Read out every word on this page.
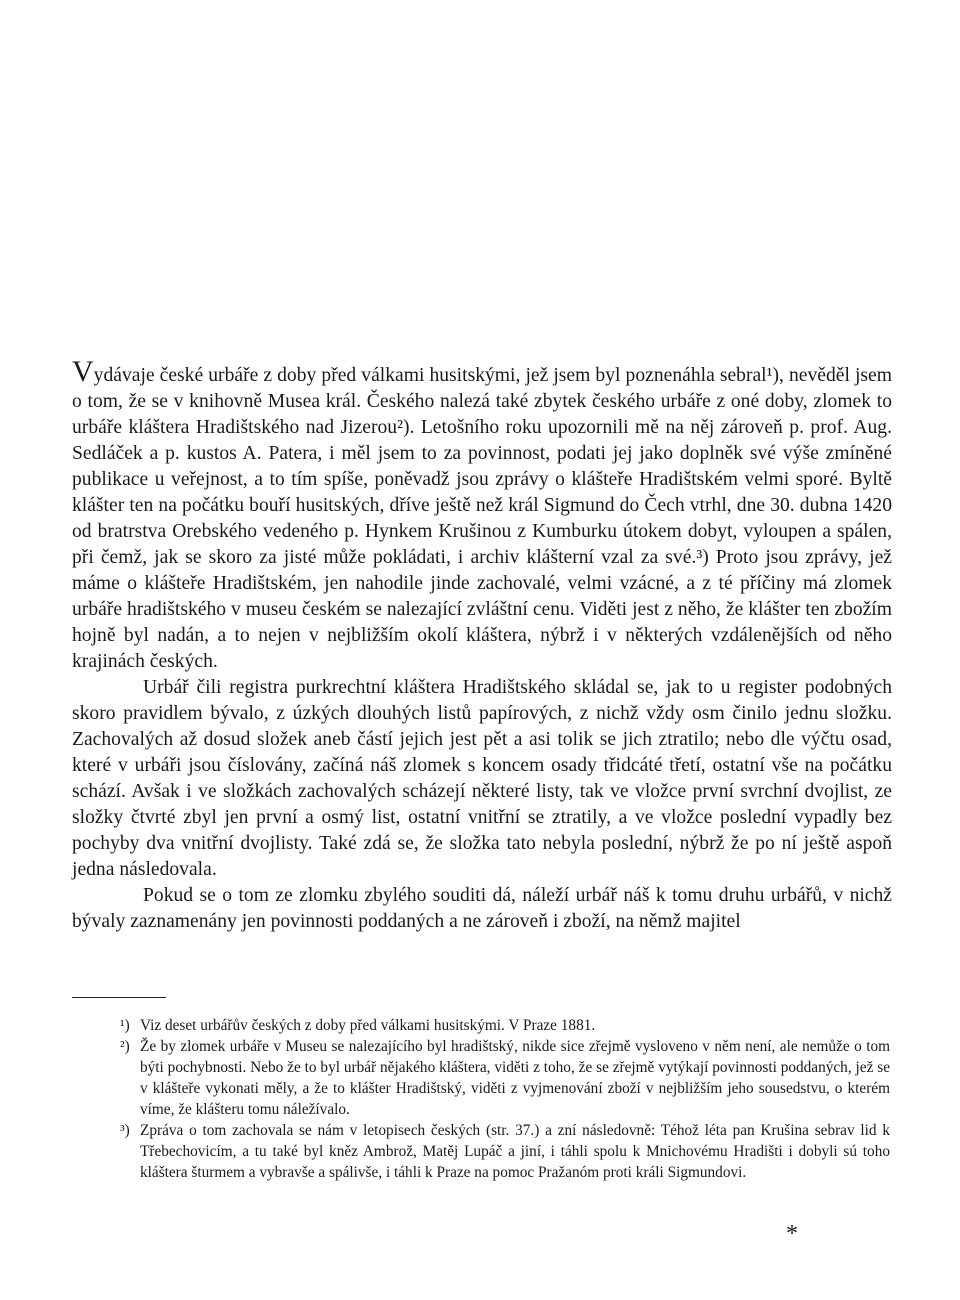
Vydávaje české urbáře z doby před válkami husitskými, jež jsem byl poznenáhla sebral¹), nevěděl jsem o tom, že se v knihovně Musea král. Českého nalezá také zbytek českého urbáře z oné doby, zlomek to urbáře kláštera Hradištského nad Jizerou²). Letošního roku upozornili mě na něj zároveň p. prof. Aug. Sedláček a p. kustos A. Patera, i měl jsem to za povinnost, podati jej jako doplněk své výše zmíněné publikace u veřejnost, a to tím spíše, poněvadž jsou zprávy o klášteře Hradištském velmi sporé. Byltě klášter ten na počátku bouří husitských, dříve ještě než král Sigmund do Čech vtrhl, dne 30. dubna 1420 od bratrstva Orebského vedeného p. Hynkem Krušinou z Kumburku útokem dobyt, vyloupen a spálen, při čemž, jak se skoro za jisté může pokládati, i archiv klášterní vzal za své.³) Proto jsou zprávy, jež máme o klášteře Hradištském, jen nahodile jinde zachovalé, velmi vzácné, a z té příčiny má zlomek urbáře hradištského v museu českém se nalezající zvláštní cenu. Viděti jest z něho, že klášter ten zbožím hojně byl nadán, a to nejen v nejbližším okolí kláštera, nýbrž i v některých vzdálenějších od něho krajinách českých.

Urbář čili registra purkrechtní kláštera Hradištského skládal se, jak to u register podobných skoro pravidlem bývalo, z úzkých dlouhých listů papírových, z nichž vždy osm činilo jednu složku. Zachovalých až dosud složek aneb částí jejich jest pět a asi tolik se jich ztratilo; nebo dle výčtu osad, které v urbáři jsou číslovány, začíná náš zlomek s koncem osady třidcáté třetí, ostatní vše na počátku schází. Avšak i ve složkách zachovalých scházejí některé listy, tak ve vložce první svrchní dvojlist, ze složky čtvrté zbyl jen první a osmý list, ostatní vnitřní se ztratily, a ve vložce poslední vypadly bez pochyby dva vnitřní dvojlisty. Také zdá se, že složka tato nebyla poslední, nýbrž že po ní ještě aspoň jedna následovala.

Pokud se o tom ze zlomku zbylého souditi dá, náleží urbář náš k tomu druhu urbářů, v nichž bývaly zaznamenány jen povinnosti poddaných a ne zároveň i zboží, na němž majitel

¹) Viz deset urbářův českých z doby před válkami husitskými. V Praze 1881.

²) Že by zlomek urbáře v Museu se nalezajícího byl hradištský, nikde sice zřejmě vysloveno v něm není, ale nemůže o tom býti pochybnosti. Nebo že to byl urbář nějakého kláštera, viděti z toho, že se zřejmě vytýkají povinnosti poddaných, jež se v klášteře vykonati měly, a že to klášter Hradištský, viděti z vyjmenování zboží v nejbližším jeho sousedstvu, o kterém víme, že klášteru tomu náležívalo.

³) Zpráva o tom zachovala se nám v letopisech českých (str. 37.) a zní následovně: Téhož léta pan Krušina sebrav lid k Třebechovicím, a tu také byl kněz Ambrož, Matěj Lupáč a jiní, i táhli spolu k Mnichovému Hradišti i dobyli sú toho kláštera šturmem a vybravše a spálivše, i táhli k Praze na pomoc Pražanóm proti králi Sigmundovi.

*
